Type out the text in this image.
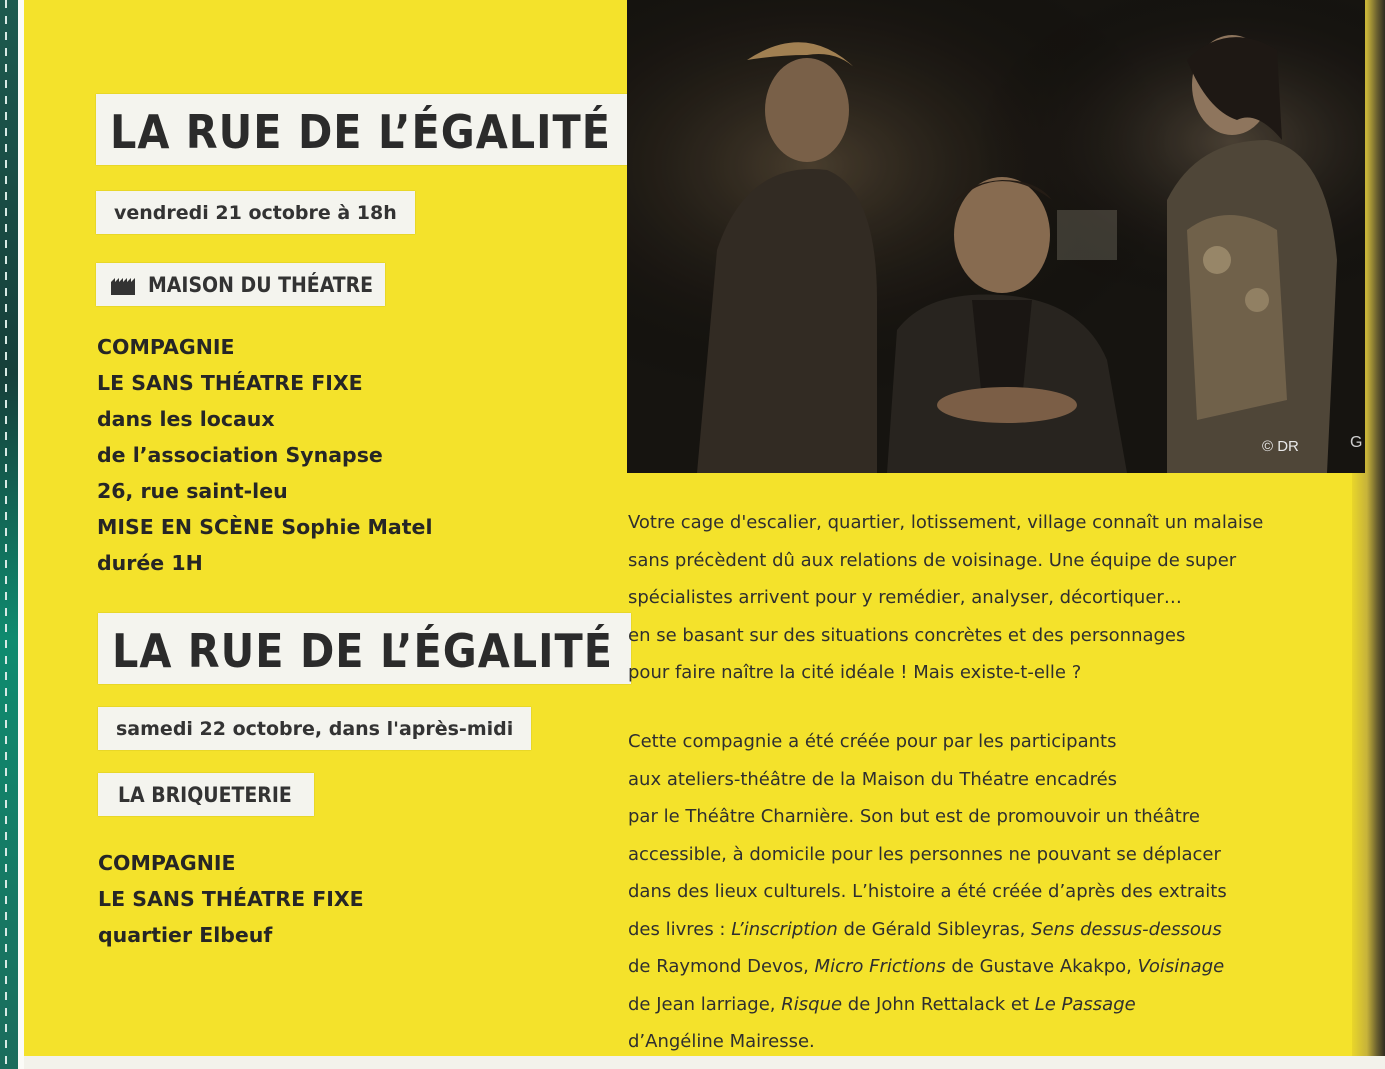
LA RUE DE L’ÉGALITÉ
vendredi 21 octobre à 18h
MAISON DU THÉATRE
COMPAGNIE
LE SANS THÉATRE FIXE
dans les locaux
de l’association Synapse
26, rue saint-leu
MISE EN SCÈNE Sophie Matel
durée 1H
LA RUE DE L’ÉGALITÉ
samedi 22 octobre, dans l'après-midi
LA BRIQUETERIE
COMPAGNIE
LE SANS THÉATRE FIXE
quartier Elbeuf
© DR	G
Votre cage d'escalier, quartier, lotissement, village connaît un malaise
sans précèdent dû aux relations de voisinage. Une équipe de super
spécialistes arrivent pour y remédier, analyser, décortiquer…
en se basant sur des situations concrètes et des personnages
pour faire naître la cité idéale ! Mais existe-t-elle ?
Cette compagnie a été créée pour par les participants
aux ateliers-théâtre de la Maison du Théatre encadrés
par le Théâtre Charnière. Son but est de promouvoir un théâtre
accessible, à domicile pour les personnes ne pouvant se déplacer
dans des lieux culturels. L’histoire a été créée d’après des extraits
des livres : L’inscription de Gérald Sibleyras, Sens dessus-dessous
de Raymond Devos, Micro Frictions de Gustave Akakpo, Voisinage
de Jean larriage, Risque de John Rettalack et Le Passage
d’Angéline Mairesse.
